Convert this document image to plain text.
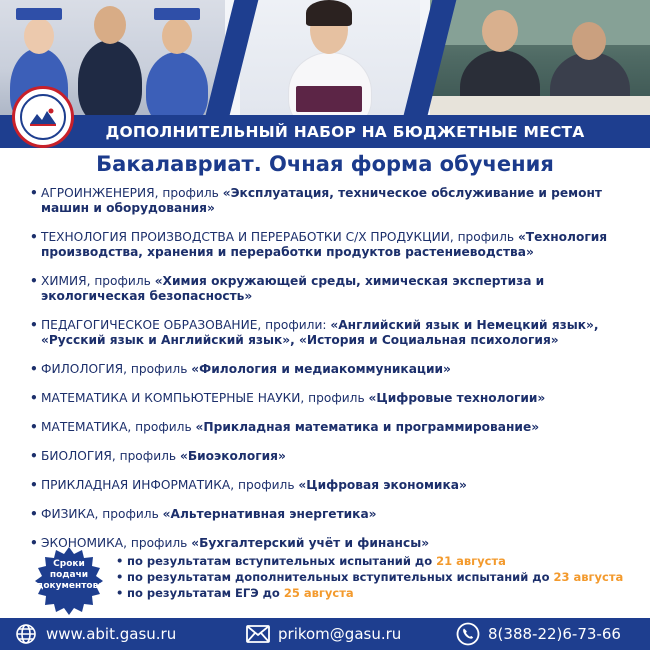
ДОПОЛНИТЕЛЬНЫЙ НАБОР НА БЮДЖЕТНЫЕ МЕСТА
Бакалавриат. Очная форма обучения
• АГРОИНЖЕНЕРИЯ, профиль «Эксплуатация, техническое обслуживание и ремонт машин и оборудования»
• ТЕХНОЛОГИЯ ПРОИЗВОДСТВА И ПЕРЕРАБОТКИ С/Х ПРОДУКЦИИ, профиль «Технология производства, хранения и переработки продуктов растениеводства»
• ХИМИЯ, профиль «Химия окружающей среды, химическая экспертиза и экологическая безопасность»
• ПЕДАГОГИЧЕСКОЕ ОБРАЗОВАНИЕ, профили: «Английский язык и Немецкий язык», «Русский язык и Английский язык», «История и Социальная психология»
• ФИЛОЛОГИЯ, профиль «Филология и медиакоммуникации»
• МАТЕМАТИКА И КОМПЬЮТЕРНЫЕ НАУКИ, профиль «Цифровые технологии»
• МАТЕМАТИКА, профиль «Прикладная математика и программирование»
• БИОЛОГИЯ, профиль «Биоэкология»
• ПРИКЛАДНАЯ ИНФОРМАТИКА, профиль «Цифровая экономика»
• ФИЗИКА, профиль «Альтернативная энергетика»
• ЭКОНОМИКА, профиль «Бухгалтерский учёт и финансы»
Сроки
подачи
документов:
• по результатам вступительных испытаний до 21 августа
• по результатам дополнительных вступительных испытаний до 23 августа
• по результатам ЕГЭ до 25 августа
www.abit.gasu.ru	prikom@gasu.ru	8(388-22)6-73-66
